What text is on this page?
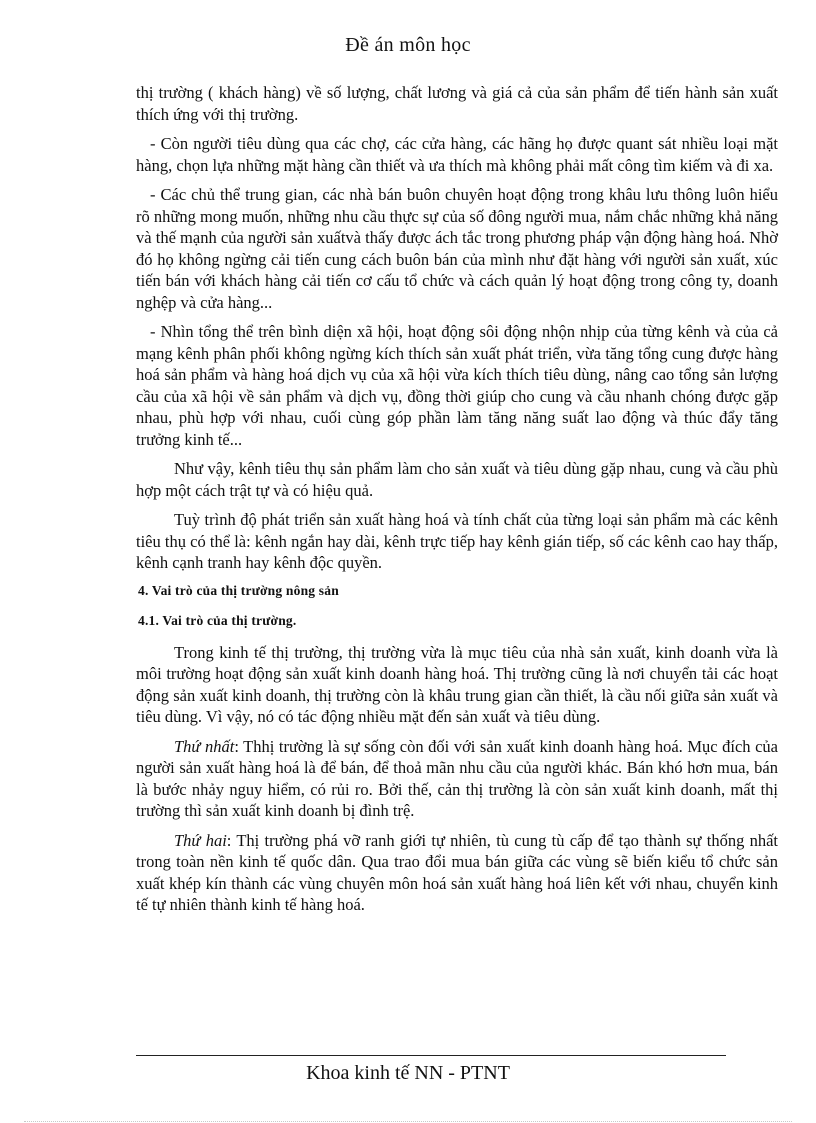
Đề án môn học

thị trường ( khách hàng) về số lượng, chất lương và giá cả của sản phẩm để tiến hành sản xuất thích ứng với thị trường.

- Còn người tiêu dùng qua các chợ, các cửa hàng, các hãng họ được quant sát nhiều loại mặt hàng, chọn lựa những mặt hàng cần thiết và ưa thích mà không phải mất công tìm kiếm và đi xa.

- Các chủ thể trung gian, các nhà bán buôn chuyên hoạt động trong khâu lưu thông luôn hiểu rõ những mong muốn, những nhu cầu thực sự của số đông người mua, nắm chắc những khả năng và thế mạnh của người sản xuấtvà thấy được ách tắc trong phương pháp vận động hàng hoá. Nhờ đó họ không ngừng cải tiến cung cách buôn bán của mình như đặt hàng với người sản xuất, xúc tiến bán với khách hàng cải tiến cơ cấu tổ chức và cách quản lý hoạt động trong công ty, doanh nghệp và cửa hàng...

- Nhìn tổng thể trên bình diện xã hội, hoạt động sôi động nhộn nhịp của từng kênh và của cả mạng kênh phân phối không ngừng kích thích sản xuất phát triển, vừa tăng tổng cung được hàng hoá sản phẩm và hàng hoá dịch vụ của xã hội vừa kích thích tiêu dùng, nâng cao tổng sản lượng cầu của xã hội về sản phẩm và dịch vụ, đồng thời giúp cho cung và cầu nhanh chóng được gặp nhau, phù hợp với nhau, cuối cùng góp phần làm tăng năng suất lao động và thúc đẩy tăng trưởng kinh tế...

Như vậy, kênh tiêu thụ sản phẩm làm cho sản xuất và tiêu dùng gặp nhau, cung và cầu phù hợp một cách trật tự và có hiệu quả.

Tuỳ trình độ phát triển sản xuất hàng hoá và tính chất của từng loại sản phẩm mà các kênh tiêu thụ có thể là: kênh ngắn hay dài, kênh trực tiếp hay kênh gián tiếp, số các kênh cao hay thấp, kênh cạnh tranh hay kênh độc quyền.

4. Vai trò của thị trường nông sản

4.1. Vai trò của thị trường.

Trong kinh tế thị trường, thị trường vừa là mục tiêu của nhà sản xuất, kinh doanh vừa là môi trường hoạt động sản xuất kinh doanh hàng hoá. Thị trường cũng là nơi chuyển tải các hoạt động sản xuất kinh doanh, thị trường còn là khâu trung gian cần thiết, là cầu nối giữa sản xuất và tiêu dùng. Vì vậy, nó có tác động nhiều mặt đến sản xuất và tiêu dùng.

Thứ nhất: Thhị trường là sự sống còn đối với sản xuất kinh doanh hàng hoá. Mục đích của người sản xuất hàng hoá là để bán, để thoả mãn nhu cầu của người khác. Bán khó hơn mua, bán là bước nhảy nguy hiểm, có rủi ro. Bởi thế, cản thị trường là còn sản xuất kinh doanh, mất thị trường thì sản xuất kinh doanh bị đình trệ.

Thứ hai: Thị trường phá vỡ ranh giới tự nhiên, tù cung tù cấp để tạo thành sự thống nhất trong toàn nền kinh tế quốc dân. Qua trao đổi mua bán giữa các vùng sẽ biến kiểu tổ chức sản xuất khép kín thành các vùng chuyên môn hoá sản xuất hàng hoá liên kết với nhau, chuyển kinh tế tự nhiên thành kinh tế hàng hoá.

Khoa kinh tế NN - PTNT
